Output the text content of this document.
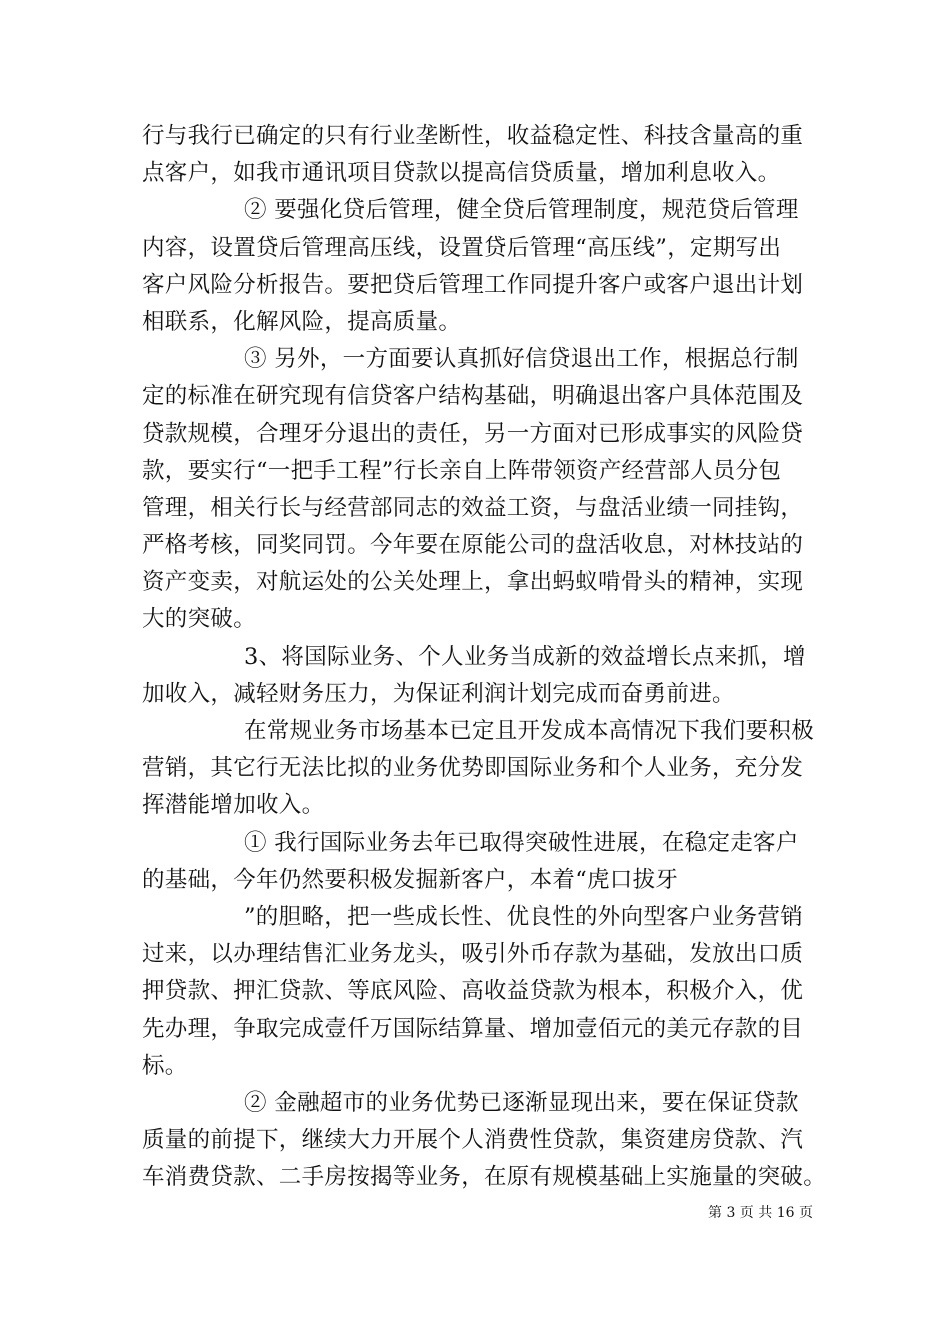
行与我行已确定的只有行业垄断性，收益稳定性、科技含量高的重
点客户，如我市通讯项目贷款以提高信贷质量，增加利息收入。
② 要强化贷后管理，健全贷后管理制度，规范贷后管理
内容，设置贷后管理高压线，设置贷后管理“高压线”，定期写出
客户风险分析报告。要把贷后管理工作同提升客户或客户退出计划
相联系，化解风险，提高质量。
③ 另外，一方面要认真抓好信贷退出工作，根据总行制
定的标准在研究现有信贷客户结构基础，明确退出客户具体范围及
贷款规模，合理牙分退出的责任，另一方面对已形成事实的风险贷
款，要实行“一把手工程”行长亲自上阵带领资产经营部人员分包
管理，相关行长与经营部同志的效益工资，与盘活业绩一同挂钩，
严格考核，同奖同罚。今年要在原能公司的盘活收息，对林技站的
资产变卖，对航运处的公关处理上，拿出蚂蚁啃骨头的精神，实现
大的突破。
3、将国际业务、个人业务当成新的效益增长点来抓，增
加收入，减轻财务压力，为保证利润计划完成而奋勇前进。
在常规业务市场基本已定且开发成本高情况下我们要积极
营销，其它行无法比拟的业务优势即国际业务和个人业务，充分发
挥潜能增加收入。
① 我行国际业务去年已取得突破性进展，在稳定走客户
的基础，今年仍然要积极发掘新客户，本着“虎口拔牙
”的胆略，把一些成长性、优良性的外向型客户业务营销
过来，以办理结售汇业务龙头，吸引外币存款为基础，发放出口质
押贷款、押汇贷款、等底风险、高收益贷款为根本，积极介入，优
先办理，争取完成壹仟万国际结算量、增加壹佰元的美元存款的目
标。
② 金融超市的业务优势已逐渐显现出来，要在保证贷款
质量的前提下，继续大力开展个人消费性贷款，集资建房贷款、汽
车消费贷款、二手房按揭等业务，在原有规模基础上实施量的突破。
第 3 页 共 16 页
